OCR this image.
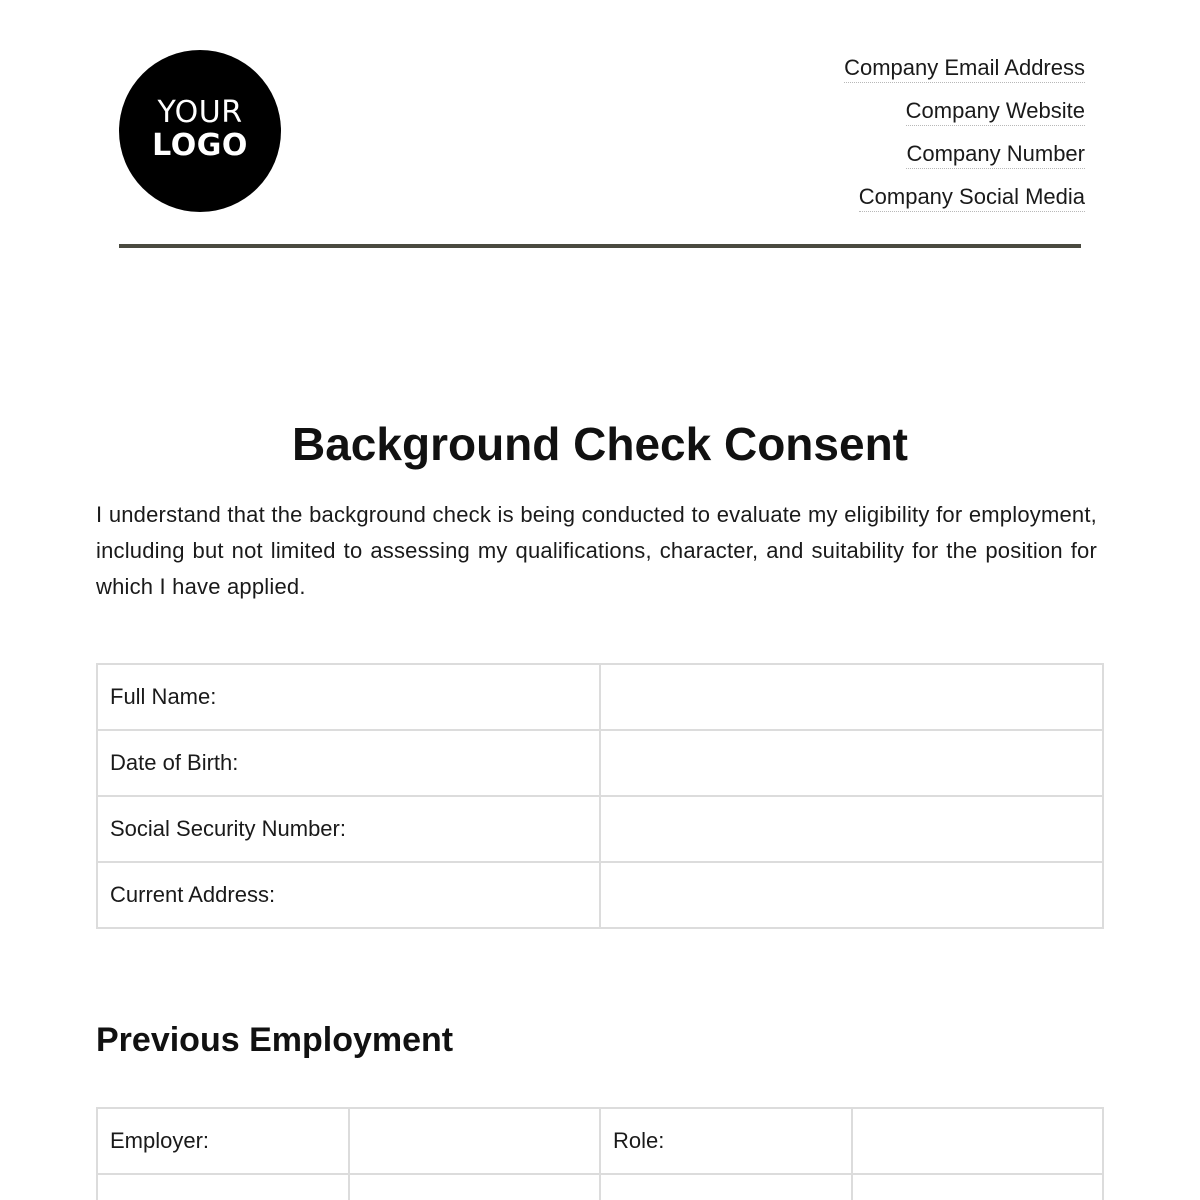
YOUR
LOGO
Company Email Address
Company Website
Company Number
Company Social Media
Background Check Consent

I understand that the background check is being conducted to evaluate my eligibility for employment, including but not limited to assessing my qualifications, character, and suitability for the position for which I have applied.

Full Name:	
Date of Birth:	
Social Security Number:	
Current Address:	
Previous Employment
Employer:		Role:	
